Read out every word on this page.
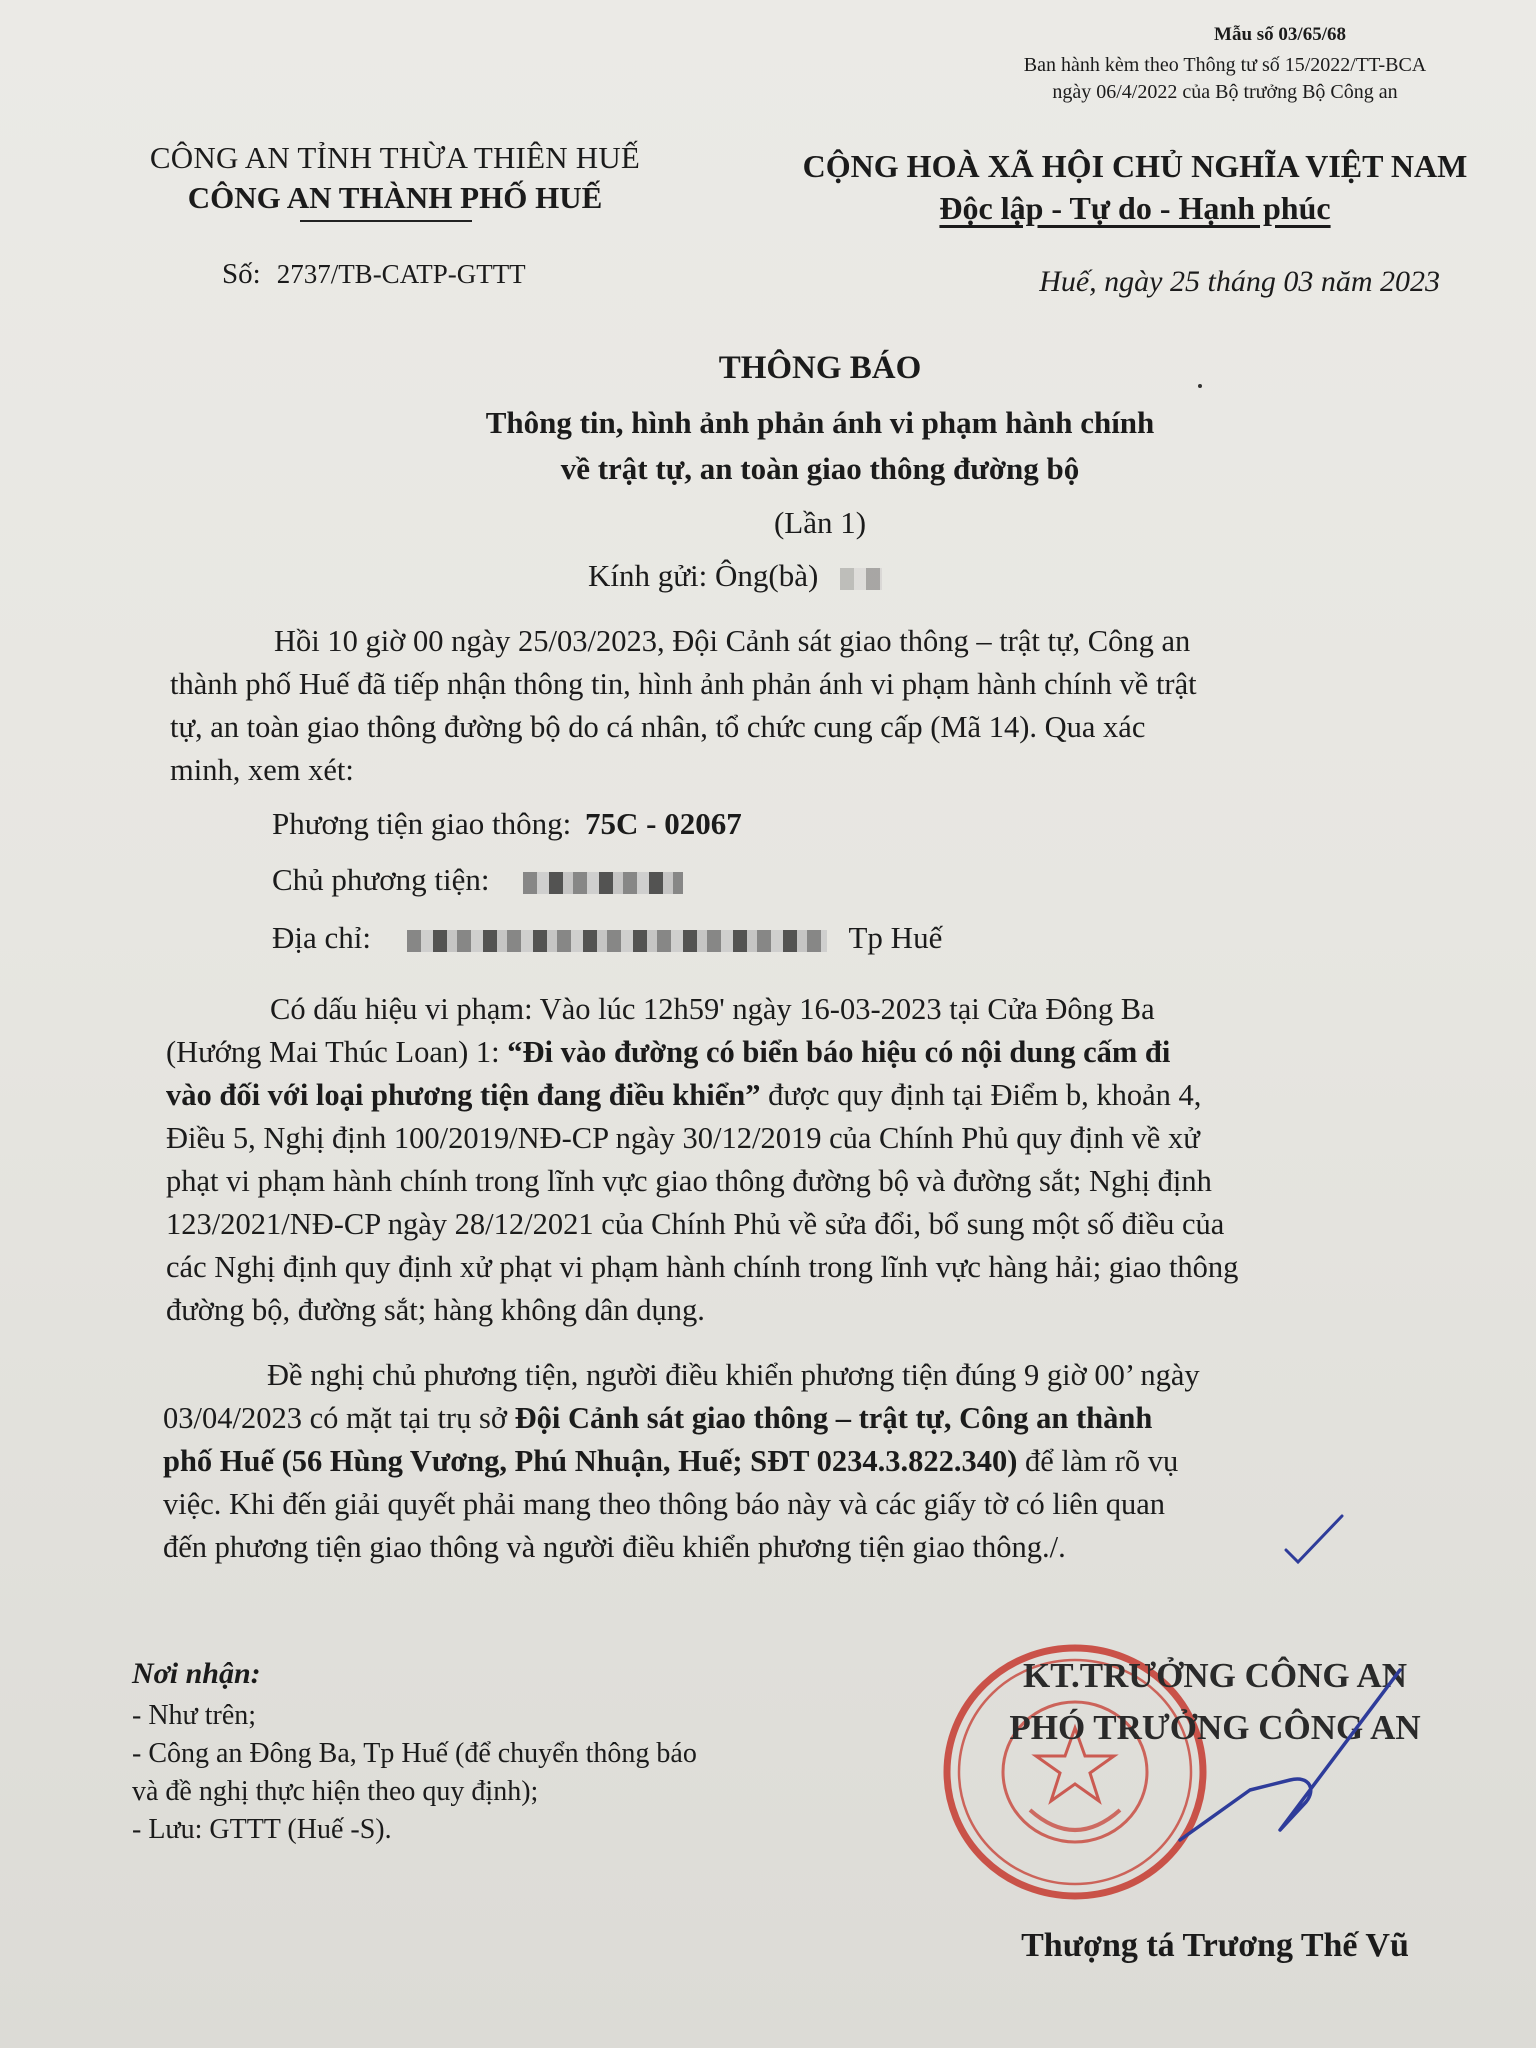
Mẫu số 03/65/68
Ban hành kèm theo Thông tư số 15/2022/TT-BCA
ngày 06/4/2022 của Bộ trưởng Bộ Công an
CÔNG AN TỈNH THỪA THIÊN HUẾ
CÔNG AN THÀNH PHỐ HUẾ
CỘNG HOÀ XÃ HỘI CHỦ NGHĨA VIỆT NAM
Độc lập - Tự do - Hạnh phúc
Số: 2737/TB-CATP-GTTT	Huế, ngày 25 tháng 03 năm 2023
THÔNG BÁO
Thông tin, hình ảnh phản ánh vi phạm hành chính
về trật tự, an toàn giao thông đường bộ
(Lần 1)
Kính gửi: Ông(bà)
Hồi 10 giờ 00 ngày 25/03/2023, Đội Cảnh sát giao thông – trật tự, Công an
thành phố Huế đã tiếp nhận thông tin, hình ảnh phản ánh vi phạm hành chính về trật
tự, an toàn giao thông đường bộ do cá nhân, tổ chức cung cấp (Mã 14). Qua xác
minh, xem xét:
Phương tiện giao thông: 75C - 02067
Chủ phương tiện:
Địa chỉ:	Tp Huế
Có dấu hiệu vi phạm: Vào lúc 12h59' ngày 16-03-2023 tại Cửa Đông Ba
(Hướng Mai Thúc Loan) 1: “Đi vào đường có biển báo hiệu có nội dung cấm đi
vào đối với loại phương tiện đang điều khiển” được quy định tại Điểm b, khoản 4,
Điều 5, Nghị định 100/2019/NĐ-CP ngày 30/12/2019 của Chính Phủ quy định về xử
phạt vi phạm hành chính trong lĩnh vực giao thông đường bộ và đường sắt; Nghị định
123/2021/NĐ-CP ngày 28/12/2021 của Chính Phủ về sửa đổi, bổ sung một số điều của
các Nghị định quy định xử phạt vi phạm hành chính trong lĩnh vực hàng hải; giao thông
đường bộ, đường sắt; hàng không dân dụng.
Đề nghị chủ phương tiện, người điều khiển phương tiện đúng 9 giờ 00’ ngày
03/04/2023 có mặt tại trụ sở Đội Cảnh sát giao thông – trật tự, Công an thành
phố Huế (56 Hùng Vương, Phú Nhuận, Huế; SĐT 0234.3.822.340) để làm rõ vụ
việc. Khi đến giải quyết phải mang theo thông báo này và các giấy tờ có liên quan
đến phương tiện giao thông và người điều khiển phương tiện giao thông./.
Nơi nhận:
- Như trên;
- Công an Đông Ba, Tp Huế (để chuyển thông báo
và đề nghị thực hiện theo quy định);
- Lưu: GTTT (Huế -S).
KT.TRƯỞNG CÔNG AN
PHÓ TRƯỞNG CÔNG AN
Thượng tá Trương Thế Vũ
